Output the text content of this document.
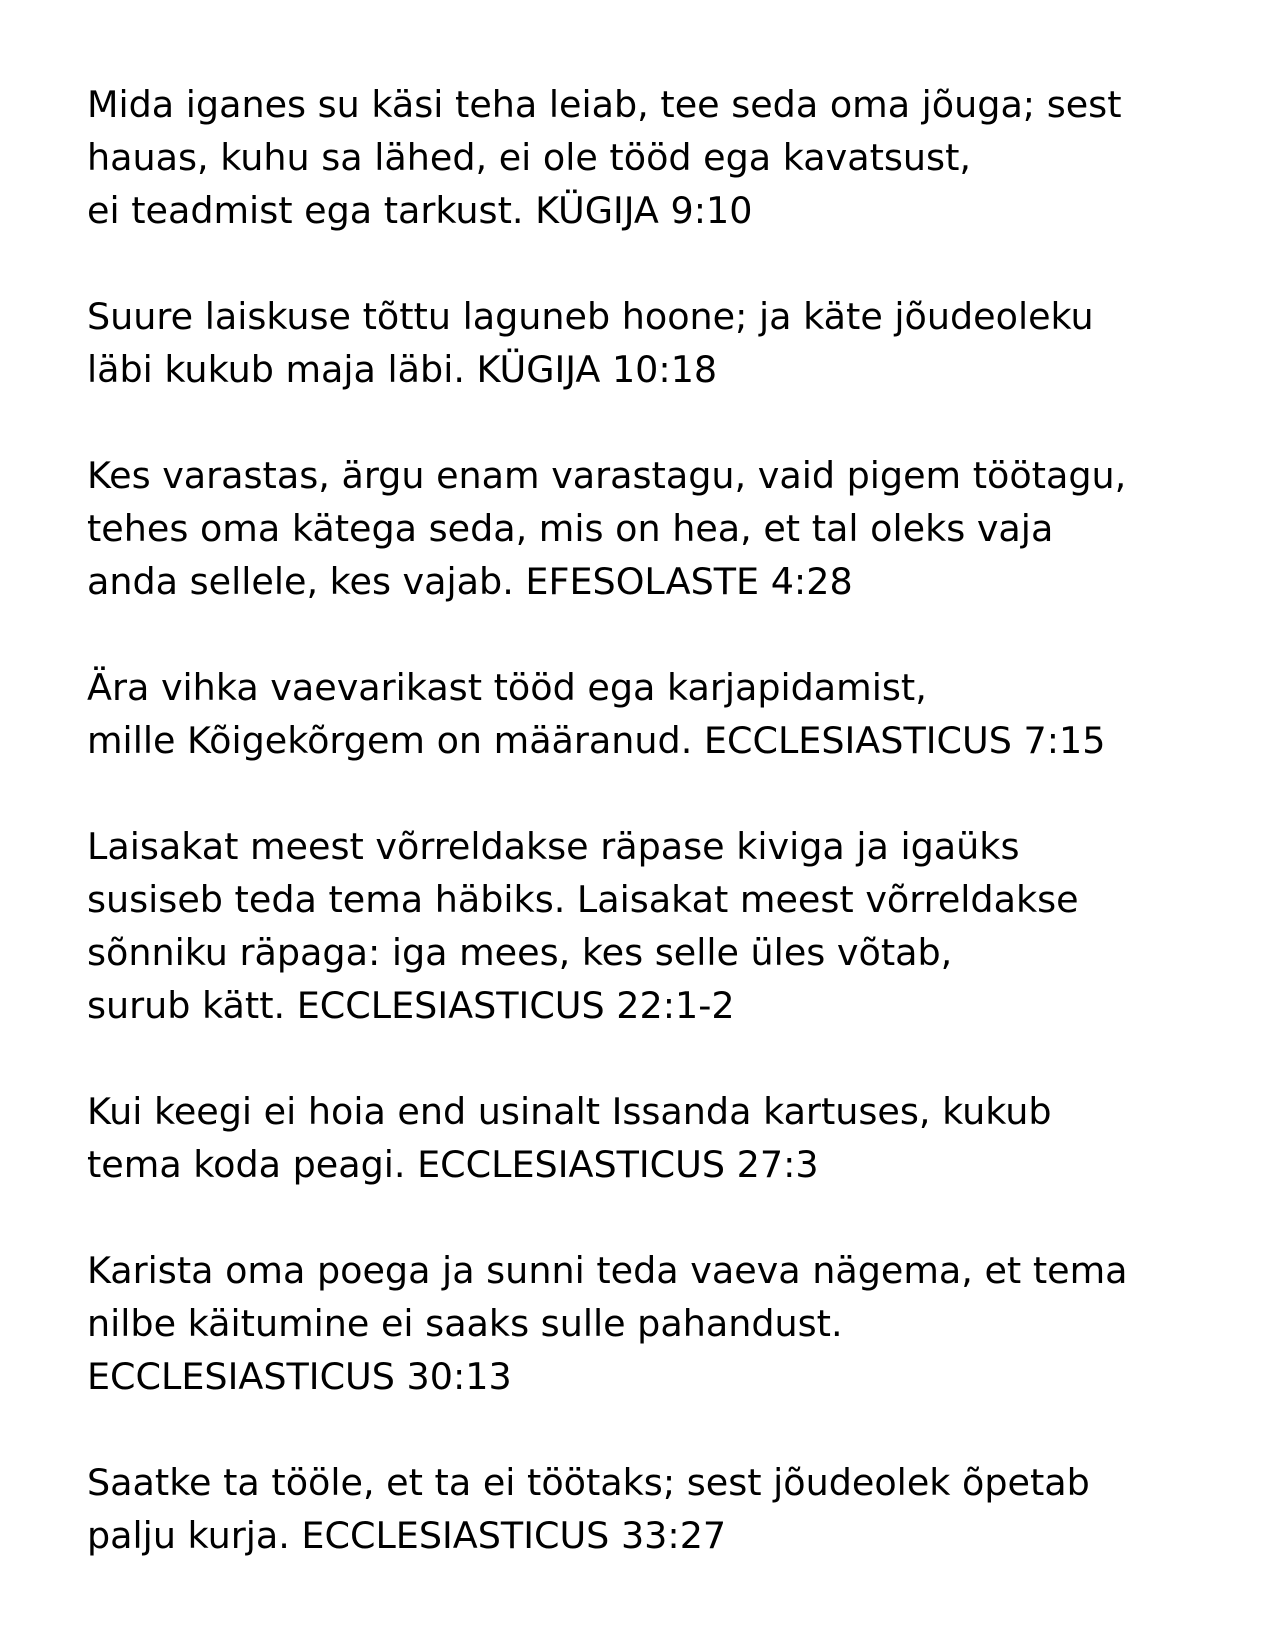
Mida iganes su käsi teha leiab, tee seda oma jõuga; sest
hauas, kuhu sa lähed, ei ole tööd ega kavatsust,
ei teadmist ega tarkust. KÜGIJA 9:10

Suure laiskuse tõttu laguneb hoone; ja käte jõudeoleku
läbi kukub maja läbi. KÜGIJA 10:18

Kes varastas, ärgu enam varastagu, vaid pigem töötagu,
tehes oma kätega seda, mis on hea, et tal oleks vaja
anda sellele, kes vajab. EFESOLASTE 4:28

Ära vihka vaevarikast tööd ega karjapidamist,
mille Kõigekõrgem on määranud. ECCLESIASTICUS 7:15

Laisakat meest võrreldakse räpase kiviga ja igaüks
susiseb teda tema häbiks. Laisakat meest võrreldakse
sõnniku räpaga: iga mees, kes selle üles võtab,
surub kätt. ECCLESIASTICUS 22:1-2

Kui keegi ei hoia end usinalt Issanda kartuses, kukub
tema koda peagi. ECCLESIASTICUS 27:3

Karista oma poega ja sunni teda vaeva nägema, et tema
nilbe käitumine ei saaks sulle pahandust.
ECCLESIASTICUS 30:13

Saatke ta tööle, et ta ei töötaks; sest jõudeolek õpetab
palju kurja. ECCLESIASTICUS 33:27
